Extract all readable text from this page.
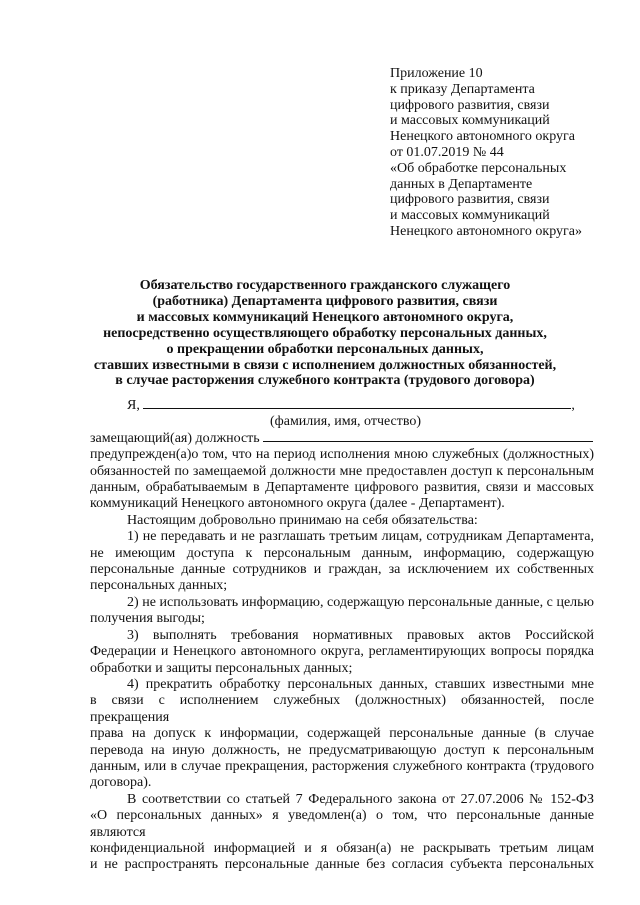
Приложение 10
к приказу Департамента
цифрового развития, связи
и массовых коммуникаций
Ненецкого автономного округа
от 01.07.2019 № 44
«Об обработке персональных
данных в Департаменте
цифрового развития, связи
и массовых коммуникаций
Ненецкого автономного округа»
Обязательство государственного гражданского служащего
(работника) Департамента цифрового развития, связи
и массовых коммуникаций Ненецкого автономного округа,
непосредственно осуществляющего обработку персональных данных,
о прекращении обработки персональных данных,
ставших известными в связи с исполнением должностных обязанностей,
в случае расторжения служебного контракта (трудового договора)
Я,	,
(фамилия, имя, отчество)
замещающий(ая) должность
предупрежден(а)о том, что на период исполнения мною служебных (должностных)
обязанностей по замещаемой должности мне предоставлен доступ к персональным
данным, обрабатываемым в Департаменте цифрового развития, связи и массовых
коммуникаций Ненецкого автономного округа (далее - Департамент).
Настоящим добровольно принимаю на себя обязательства:
1) не передавать и не разглашать третьим лицам, сотрудникам Департамента,
не имеющим доступа к персональным данным, информацию, содержащую
персональные данные сотрудников и граждан, за исключением их собственных
персональных данных;
2) не использовать информацию, содержащую персональные данные, с целью
получения выгоды;
3) выполнять требования нормативных правовых актов Российской
Федерации и Ненецкого автономного округа, регламентирующих вопросы порядка
обработки и защиты персональных данных;
4) прекратить обработку персональных данных, ставших известными мне
в связи с исполнением служебных (должностных) обязанностей, после прекращения
права на допуск к информации, содержащей персональные данные (в случае
перевода на иную должность, не предусматривающую доступ к персональным
данным, или в случае прекращения, расторжения служебного контракта (трудового
договора).
В соответствии со статьей 7 Федерального закона от 27.07.2006 № 152-ФЗ
«О персональных данных» я уведомлен(а) о том, что персональные данные являются
конфиденциальной информацией и я обязан(а) не раскрывать третьим лицам
и не распространять персональные данные без согласия субъекта персональных
